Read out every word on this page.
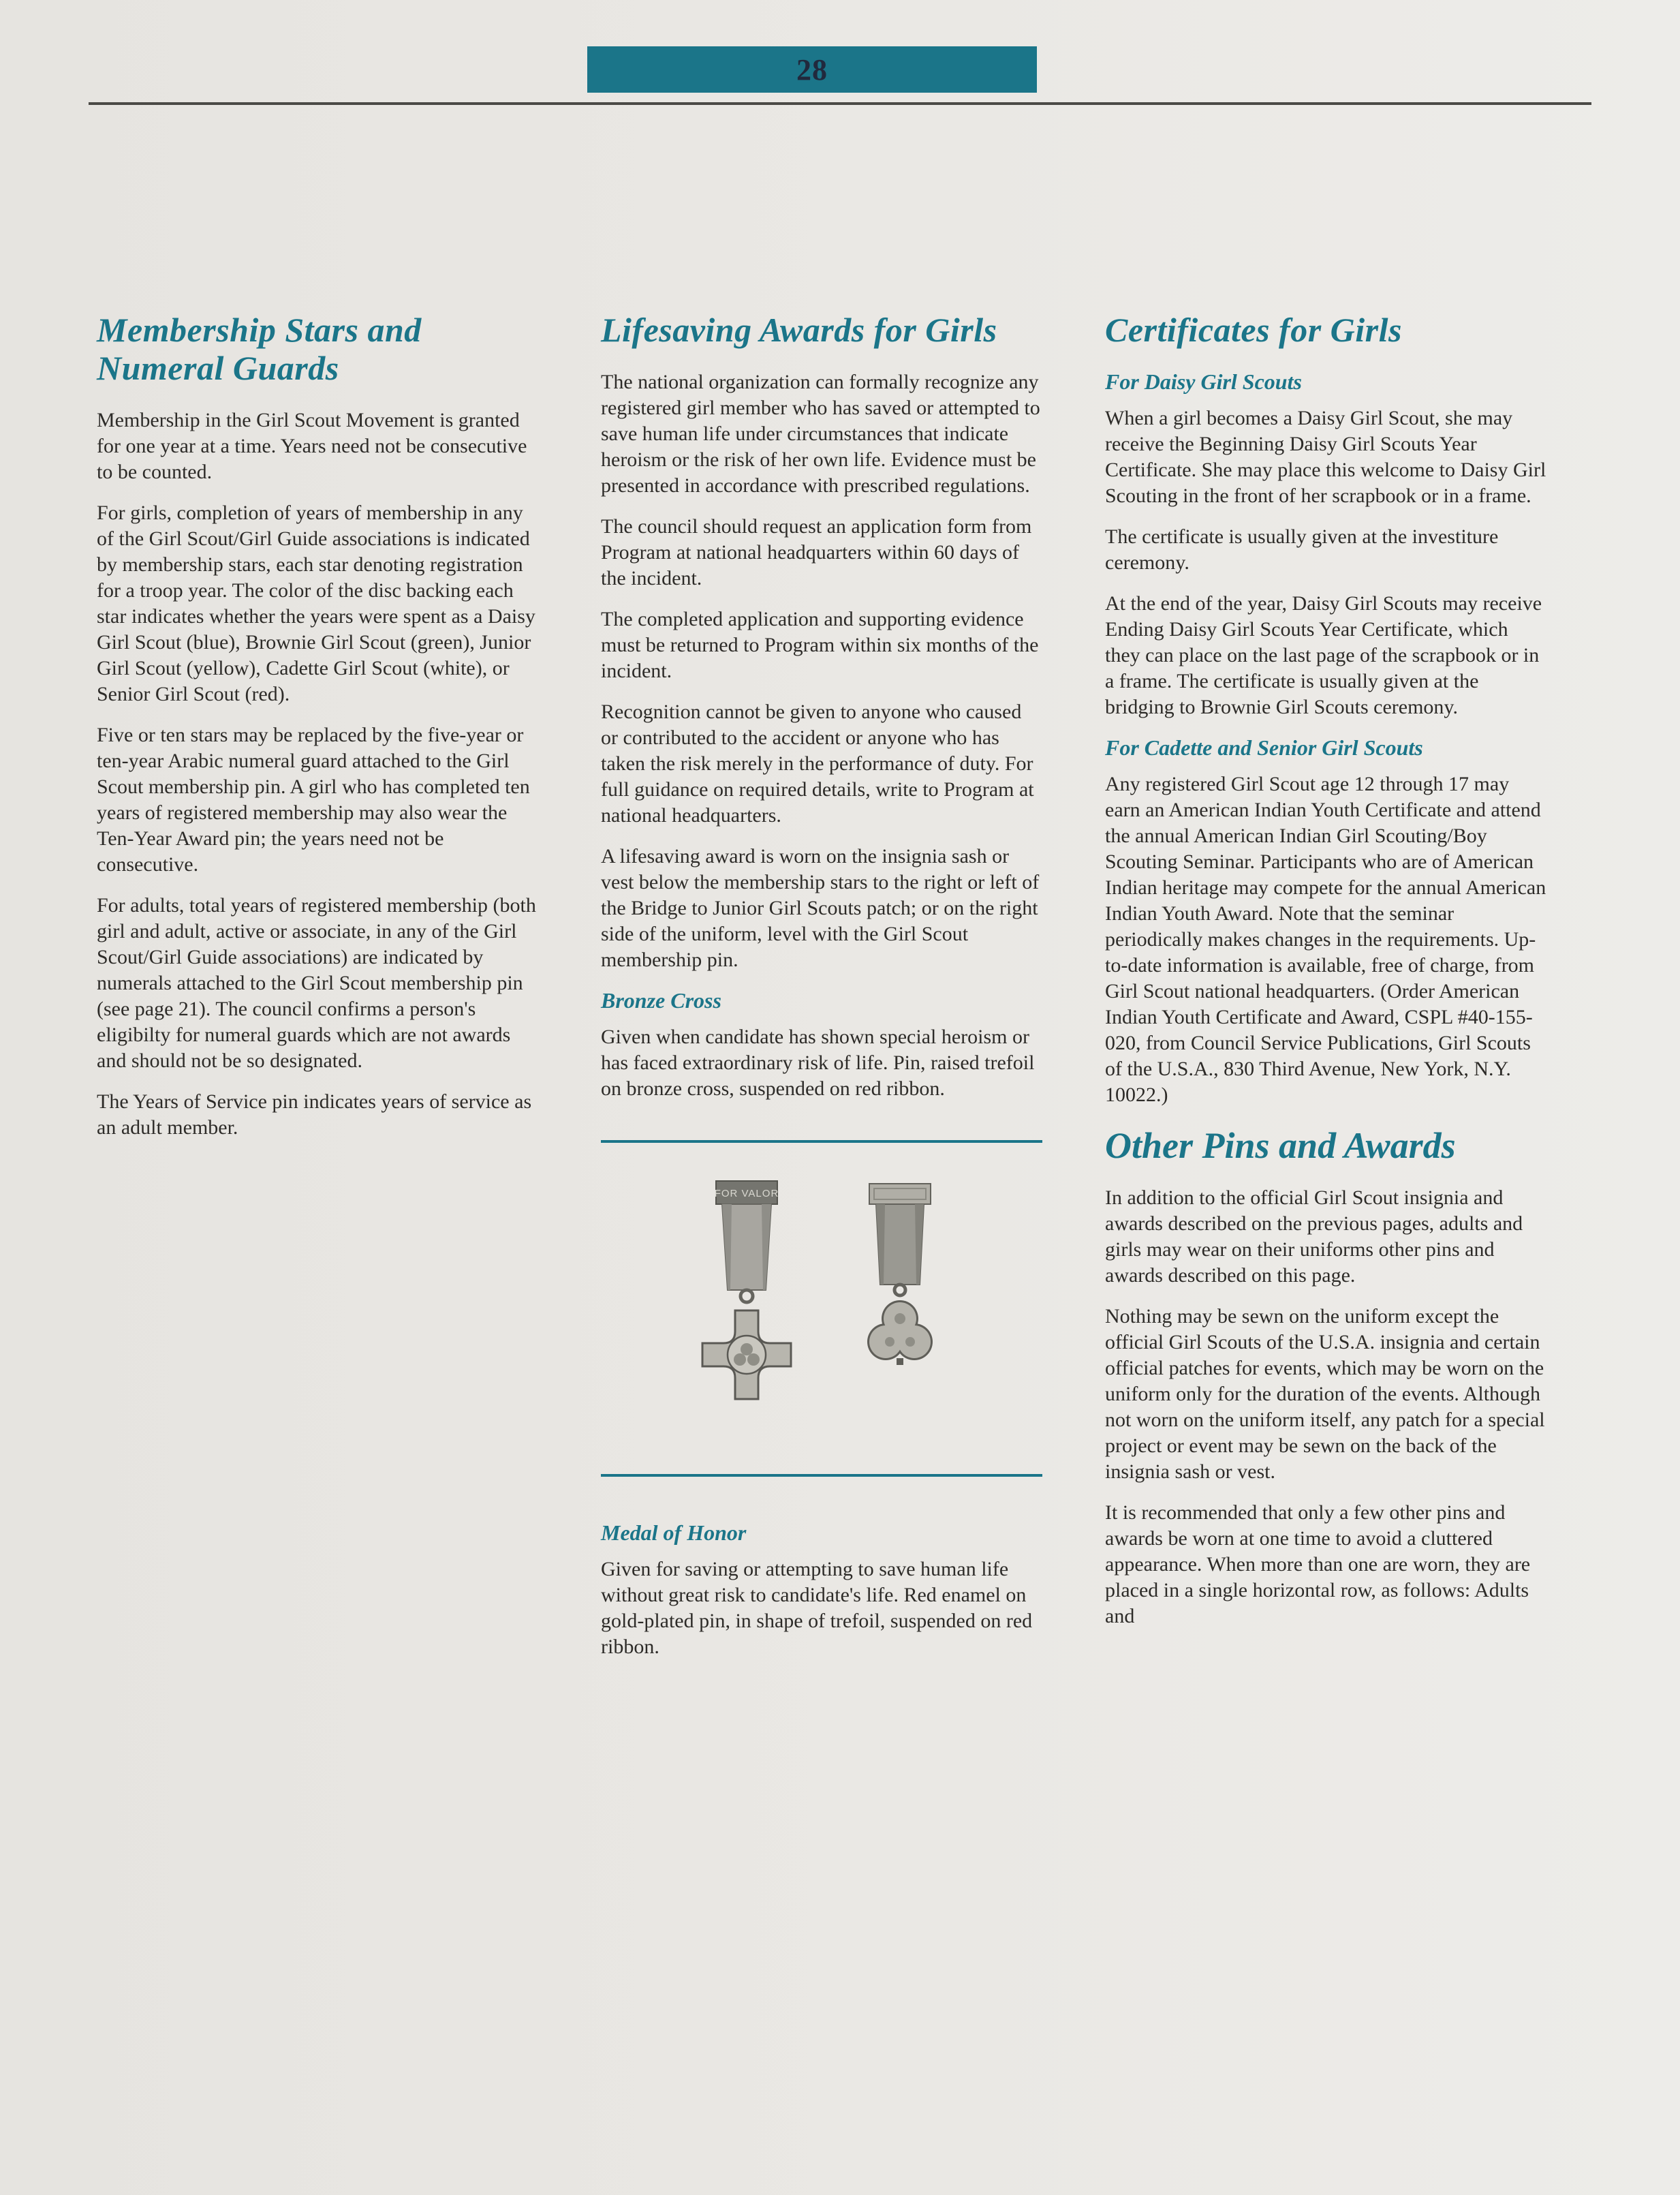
28
Membership Stars and Numeral Guards

Membership in the Girl Scout Movement is granted for one year at a time. Years need not be consecutive to be counted.

For girls, completion of years of membership in any of the Girl Scout/Girl Guide associations is indicated by membership stars, each star denoting registration for a troop year. The color of the disc backing each star indicates whether the years were spent as a Daisy Girl Scout (blue), Brownie Girl Scout (green), Junior Girl Scout (yellow), Cadette Girl Scout (white), or Senior Girl Scout (red).

Five or ten stars may be replaced by the five-year or ten-year Arabic numeral guard attached to the Girl Scout membership pin. A girl who has completed ten years of registered membership may also wear the Ten-Year Award pin; the years need not be consecutive.

For adults, total years of registered membership (both girl and adult, active or associate, in any of the Girl Scout/Girl Guide associations) are indicated by numerals attached to the Girl Scout membership pin (see page 21). The council confirms a person's eligibilty for numeral guards which are not awards and should not be so designated.

The Years of Service pin indicates years of service as an adult member.

Lifesaving Awards for Girls

The national organization can formally recognize any registered girl member who has saved or attempted to save human life under circumstances that indicate heroism or the risk of her own life. Evidence must be presented in accordance with prescribed regulations.

The council should request an application form from Program at national headquarters within 60 days of the incident.

The completed application and supporting evidence must be returned to Program within six months of the incident.

Recognition cannot be given to anyone who caused or contributed to the accident or anyone who has taken the risk merely in the performance of duty. For full guidance on required details, write to Program at national headquarters.

A lifesaving award is worn on the insignia sash or vest below the membership stars to the right or left of the Bridge to Junior Girl Scouts patch; or on the right side of the uniform, level with the Girl Scout membership pin.

Bronze Cross

Given when candidate has shown special heroism or has faced extraordinary risk of life. Pin, raised trefoil on bronze cross, suspended on red ribbon.

FOR VALOR
Medal of Honor

Given for saving or attempting to save human life without great risk to candidate's life. Red enamel on gold-plated pin, in shape of trefoil, suspended on red ribbon.

Certificates for Girls
For Daisy Girl Scouts

When a girl becomes a Daisy Girl Scout, she may receive the Beginning Daisy Girl Scouts Year Certificate. She may place this welcome to Daisy Girl Scouting in the front of her scrapbook or in a frame.

The certificate is usually given at the investiture ceremony.

At the end of the year, Daisy Girl Scouts may receive Ending Daisy Girl Scouts Year Certificate, which they can place on the last page of the scrapbook or in a frame. The certificate is usually given at the bridging to Brownie Girl Scouts ceremony.

For Cadette and Senior Girl Scouts

Any registered Girl Scout age 12 through 17 may earn an American Indian Youth Certificate and attend the annual American Indian Girl Scouting/Boy Scouting Seminar. Participants who are of American Indian heritage may compete for the annual American Indian Youth Award. Note that the seminar periodically makes changes in the requirements. Up-to-date information is available, free of charge, from Girl Scout national headquarters. (Order American Indian Youth Certificate and Award, CSPL #40-155-020, from Council Service Publications, Girl Scouts of the U.S.A., 830 Third Avenue, New York, N.Y. 10022.)

Other Pins and Awards

In addition to the official Girl Scout insignia and awards described on the previous pages, adults and girls may wear on their uniforms other pins and awards described on this page.

Nothing may be sewn on the uniform except the official Girl Scouts of the U.S.A. insignia and certain official patches for events, which may be worn on the uniform only for the duration of the events. Although not worn on the uniform itself, any patch for a special project or event may be sewn on the back of the insignia sash or vest.

It is recommended that only a few other pins and awards be worn at one time to avoid a cluttered appearance. When more than one are worn, they are placed in a single horizontal row, as follows: Adults and
